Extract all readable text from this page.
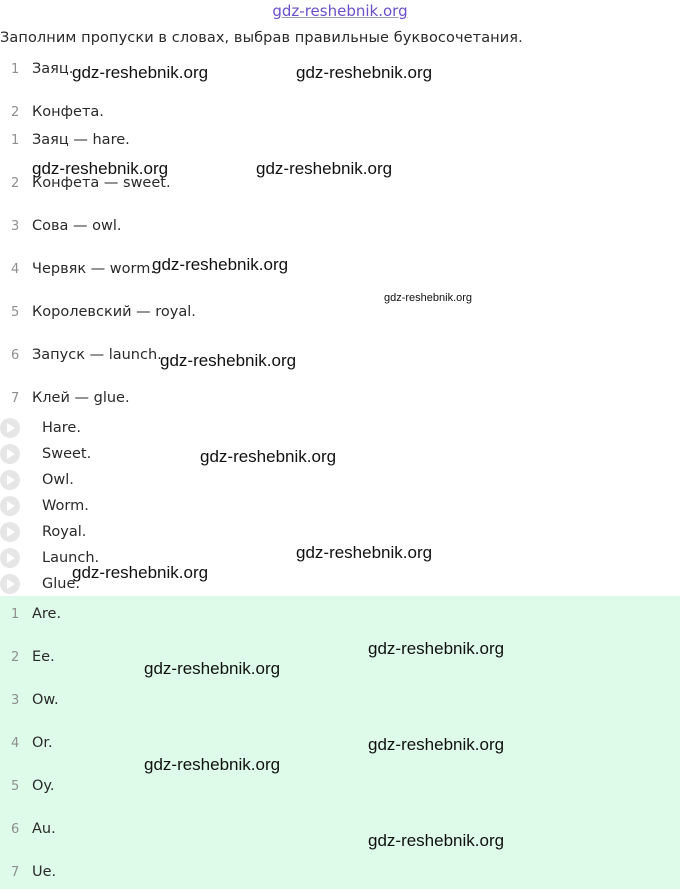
gdz-reshebnik.org
Заполним пропуски в словах, выбрав правильные буквосочетания.
1 Заяц.
2 Конфета.
1 Заяц — hare.
2 Конфета — sweet.
3 Сова — owl.
4 Червяк — worm.
5 Королевский — royal.
6 Запуск — launch.
7 Клей — glue.
Hare.
Sweet.
Owl.
Worm.
Royal.
Launch.
Glue.
1 Are.
2 Ee.
3 Ow.
4 Or.
5 Oy.
6 Au.
7 Ue.
gdz-reshebnik.org	gdz-reshebnik.org
gdz-reshebnik.org	gdz-reshebnik.org
gdz-reshebnik.org
gdz-reshebnik.org
gdz-reshebnik.org
gdz-reshebnik.org
gdz-reshebnik.org
gdz-reshebnik.org
gdz-reshebnik.org
gdz-reshebnik.org
gdz-reshebnik.org
gdz-reshebnik.org
gdz-reshebnik.org
